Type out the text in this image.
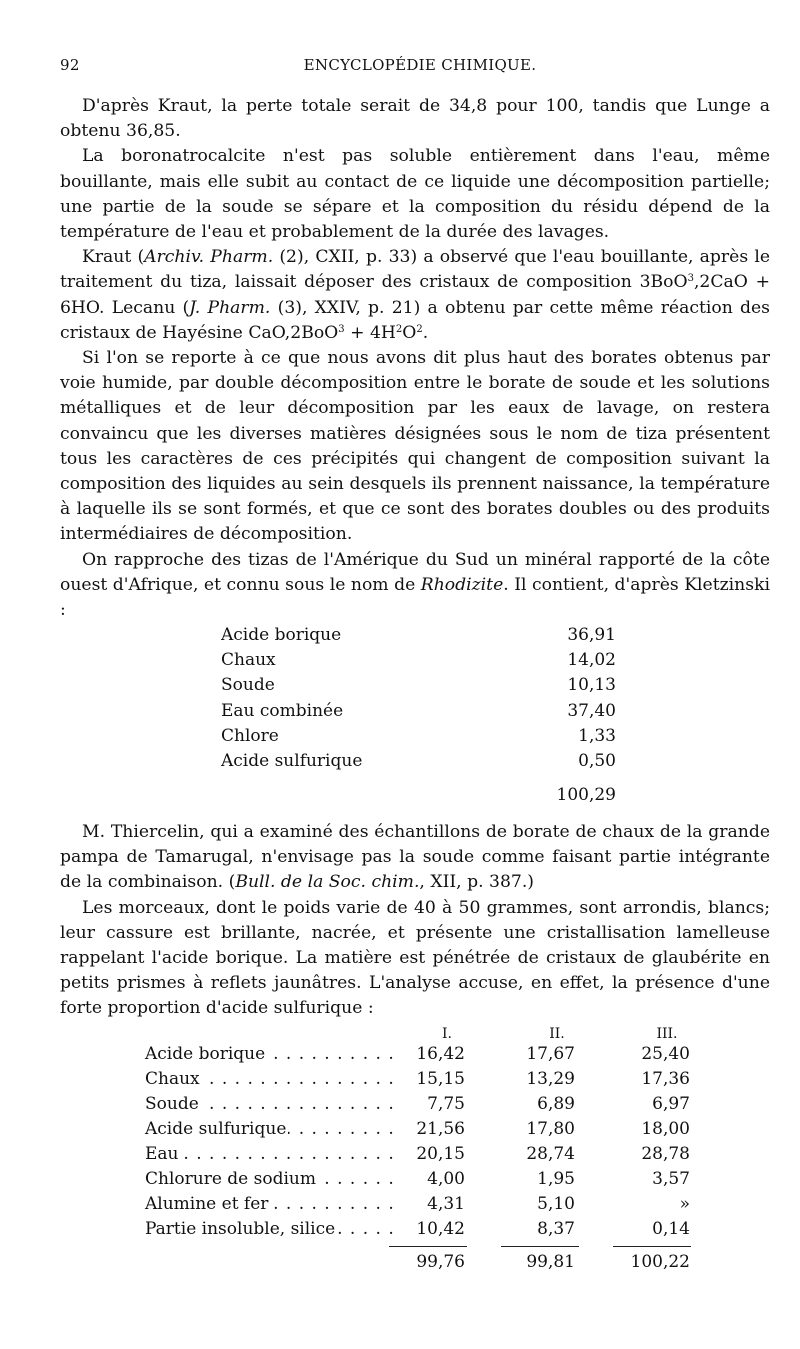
92	ENCYCLOPÉDIE CHIMIQUE.

D'après Kraut, la perte totale serait de 34,8 pour 100, tandis que Lunge a obtenu 36,85.

La boronatrocalcite n'est pas soluble entièrement dans l'eau, même bouillante, mais elle subit au contact de ce liquide une décomposition partielle; une partie de la soude se sépare et la composition du résidu dépend de la température de l'eau et probablement de la durée des lavages.

Kraut (Archiv. Pharm. (2), CXII, p. 33) a observé que l'eau bouillante, après le traitement du tiza, laissait déposer des cristaux de composition 3BoO$^3$,2CaO + 6HO. Lecanu (J. Pharm. (3), XXIV, p. 21) a obtenu par cette même réaction des cristaux de Hayésine $CaO,2BoO^3 + 4H^2O^2$.

Si l'on se reporte à ce que nous avons dit plus haut des borates obtenus par voie humide, par double décomposition entre le borate de soude et les solutions métalliques et de leur décomposition par les eaux de lavage, on restera convaincu que les diverses matières désignées sous le nom de tiza présentent tous les caractères de ces précipités qui changent de composition suivant la composition des liquides au sein desquels ils prennent naissance, la température à laquelle ils se sont formés, et que ce sont des borates doubles ou des produits intermédiaires de décomposition.

On rapproche des tizas de l'Amérique du Sud un minéral rapporté de la côte ouest d'Afrique, et connu sous le nom de Rhodizite. Il contient, d'après Kletzinski :

Acide borique	36,91
Chaux	14,02
Soude	10,13
Eau combinée	37,40
Chlore	1,33
Acide sulfurique	0,50
100,29

M. Thiercelin, qui a examiné des échantillons de borate de chaux de la grande pampa de Tamarugal, n'envisage pas la soude comme faisant partie intégrante de la combinaison. (Bull. de la Soc. chim., XII, p. 387.)

Les morceaux, dont le poids varie de 40 à 50 grammes, sont arrondis, blancs; leur cassure est brillante, nacrée, et présente une cristallisation lamelleuse rappelant l'acide borique. La matière est pénétrée de cristaux de glaubérite en petits prismes à reflets jaunâtres. L'analyse accuse, en effet, la présence d'une forte proportion d'acide sulfurique :

I.	II.	III.
. . .
Acide borique	16,42	17,67	25,40
. . .
Chaux	15,15	13,29	17,36
. . .
Soude	7,75	6,89	6,97
. . .
Acide sulfurique	21,56	17,80	18,00
. . .
Eau	20,15	28,74	28,78
. . .
Chlorure de sodium	4,00	1,95	3,57
. . .
Alumine et fer	4,31	5,10	»
. . .
Partie insoluble, silice	10,42	8,37	0,14
99,76	99,81	100,22
